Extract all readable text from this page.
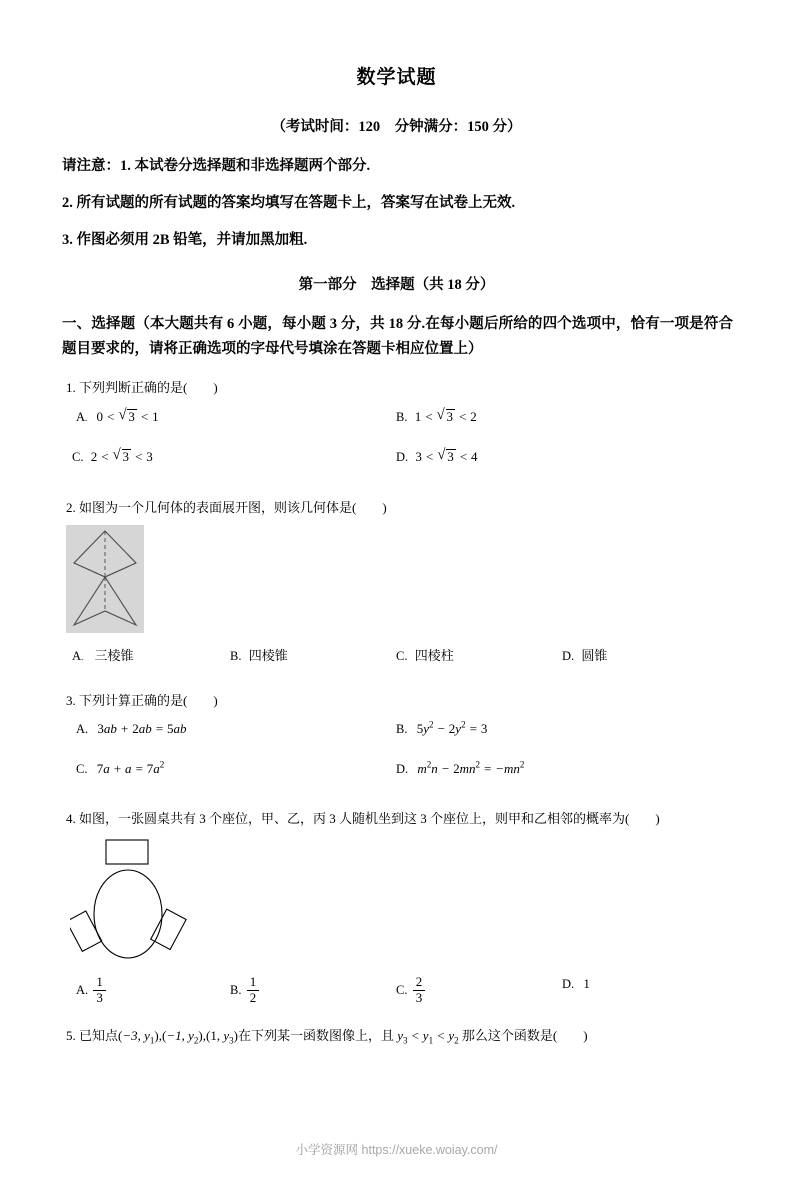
数学试题
（考试时间：120　分钟满分：150 分）
请注意：1. 本试卷分选择题和非选择题两个部分.
2. 所有试题的所有试题的答案均填写在答题卡上，答案写在试卷上无效.
3. 作图必须用 2B 铅笔，并请加黑加粗.
第一部分　选择题（共 18 分）
一、选择题（本大题共有 6 小题，每小题 3 分，共 18 分.在每小题后所给的四个选项中，恰有一项是符合题目要求的，请将正确选项的字母代号填涂在答题卡相应位置上）
1. 下列判断正确的是(　　)
A. 0 < √ 3 < 1	B. 1 < √ 3 < 2
C. 2 < √ 3 < 3	D. 3 < √ 3 < 4
2. 如图为一个几何体的表面展开图，则该几何体是(　　)
A. 三棱锥	B. 四棱锥	C. 四棱柱	D. 圆锥
3. 下列计算正确的是(　　)
A. 3ab + 2ab = 5ab	B. $5y^2 - 2y^2 = 3$
C. $7a + a = 7a^2$	D. $m^2n - 2mn^2 = -mn^2$
4. 如图，一张圆桌共有 3 个座位，甲、乙，丙 3 人随机坐到这 3 个座位上，则甲和乙相邻的概率为(　　)
A. $\frac{1}{3}$	B. $\frac{1}{2}$	C. $\frac{2}{3}$	D. 1
5. 已知点(−3, $y_1),(-1$, $y_2),(1$, $y_3$)在下列某一函数图像上，且 $y_3 < y_1 < y_2$ 那么这个函数是(　　)
小学资源网 https://xueke.woiay.com/
